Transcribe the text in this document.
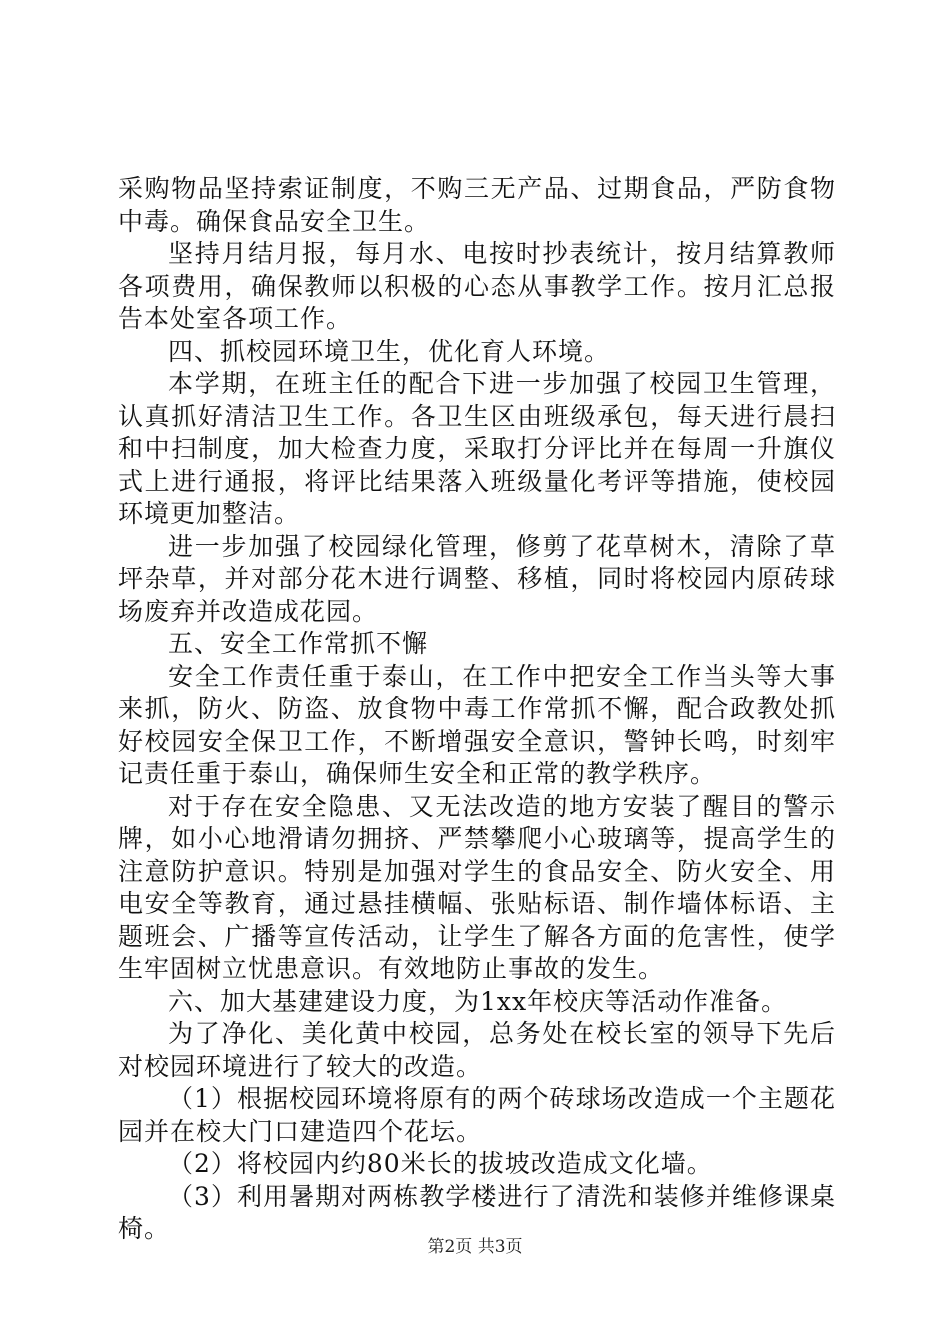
采购物品坚持索证制度，不购三无产品、过期食品，严防食物中毒。确保食品安全卫生。

坚持月结月报，每月水、电按时抄表统计，按月结算教师各项费用，确保教师以积极的心态从事教学工作。按月汇总报告本处室各项工作。

四、抓校园环境卫生，优化育人环境。

本学期，在班主任的配合下进一步加强了校园卫生管理，认真抓好清洁卫生工作。各卫生区由班级承包，每天进行晨扫和中扫制度，加大检查力度，采取打分评比并在每周一升旗仪式上进行通报，将评比结果落入班级量化考评等措施，使校园环境更加整洁。

进一步加强了校园绿化管理，修剪了花草树木，清除了草坪杂草，并对部分花木进行调整、移植，同时将校园内原砖球场废弃并改造成花园。

五、安全工作常抓不懈

安全工作责任重于泰山，在工作中把安全工作当头等大事来抓，防火、防盗、放食物中毒工作常抓不懈，配合政教处抓好校园安全保卫工作，不断增强安全意识，警钟长鸣，时刻牢记责任重于泰山，确保师生安全和正常的教学秩序。

对于存在安全隐患、又无法改造的地方安装了醒目的警示牌，如小心地滑请勿拥挤、严禁攀爬小心玻璃等，提高学生的注意防护意识。特别是加强对学生的食品安全、防火安全、用电安全等教育，通过悬挂横幅、张贴标语、制作墙体标语、主题班会、广播等宣传活动，让学生了解各方面的危害性，使学生牢固树立忧患意识。有效地防止事故的发生。

六、加大基建建设力度，为1xx年校庆等活动作准备。

为了净化、美化黄中校园，总务处在校长室的领导下先后对校园环境进行了较大的改造。

（1）根据校园环境将原有的两个砖球场改造成一个主题花园并在校大门口建造四个花坛。

（2）将校园内约80米长的拔坡改造成文化墙。

（3）利用暑期对两栋教学楼进行了清洗和装修并维修课桌椅。

第2页 共3页
